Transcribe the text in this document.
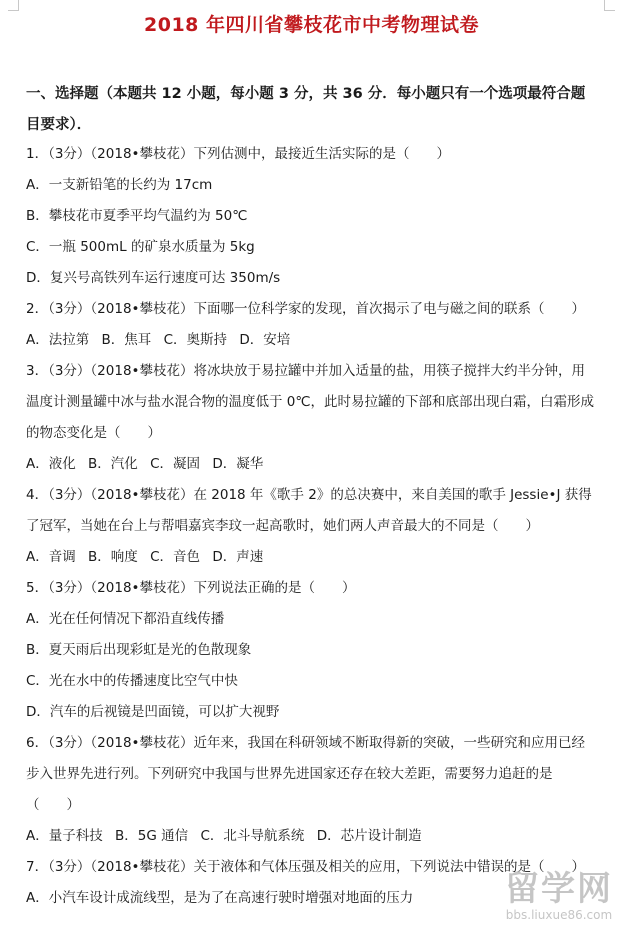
2018 年四川省攀枝花市中考物理试卷
一、选择题（本题共 12 小题，每小题 3 分，共 36 分．每小题只有一个选项最符合题目要求）．
1．（3分）（2018•攀枝花）下列估测中，最接近生活实际的是（　　）
A．一支新铅笔的长约为 17cm
B．攀枝花市夏季平均气温约为 50℃
C．一瓶 500mL 的矿泉水质量为 5kg
D．复兴号高铁列车运行速度可达 350m/s
2．（3分）（2018•攀枝花）下面哪一位科学家的发现，首次揭示了电与磁之间的联系（　　）
A．法拉第 B．焦耳 C．奥斯持 D．安培
3．（3分）（2018•攀枝花）将冰块放于易拉罐中并加入适量的盐，用筷子搅拌大约半分钟，用温度计测量罐中冰与盐水混合物的温度低于 0℃，此时易拉罐的下部和底部出现白霜，白霜形成的物态变化是（　　）
A．液化 B．汽化 C．凝固 D．凝华
4．（3分）（2018•攀枝花）在 2018 年《歌手 2》的总决赛中，来自美国的歌手 Jessie•J 获得了冠军，当她在台上与帮唱嘉宾李玟一起高歌时，她们两人声音最大的不同是（　　）
A．音调 B．响度 C．音色 D．声速
5．（3分）（2018•攀枝花）下列说法正确的是（　　）
A．光在任何情况下都沿直线传播
B．夏天雨后出现彩虹是光的色散现象
C．光在水中的传播速度比空气中快
D．汽车的后视镜是凹面镜，可以扩大视野
6．（3分）（2018•攀枝花）近年来，我国在科研领域不断取得新的突破，一些研究和应用已经步入世界先进行列。下列研究中我国与世界先进国家还存在较大差距，需要努力追赶的是（　　）
A．量子科技 B．5G 通信 C．北斗导航系统 D．芯片设计制造
7．（3分）（2018•攀枝花）关于液体和气体压强及相关的应用，下列说法中错误的是（　　）
A．小汽车设计成流线型，是为了在高速行驶时增强对地面的压力	留学网
bbs.liuxue86.com
